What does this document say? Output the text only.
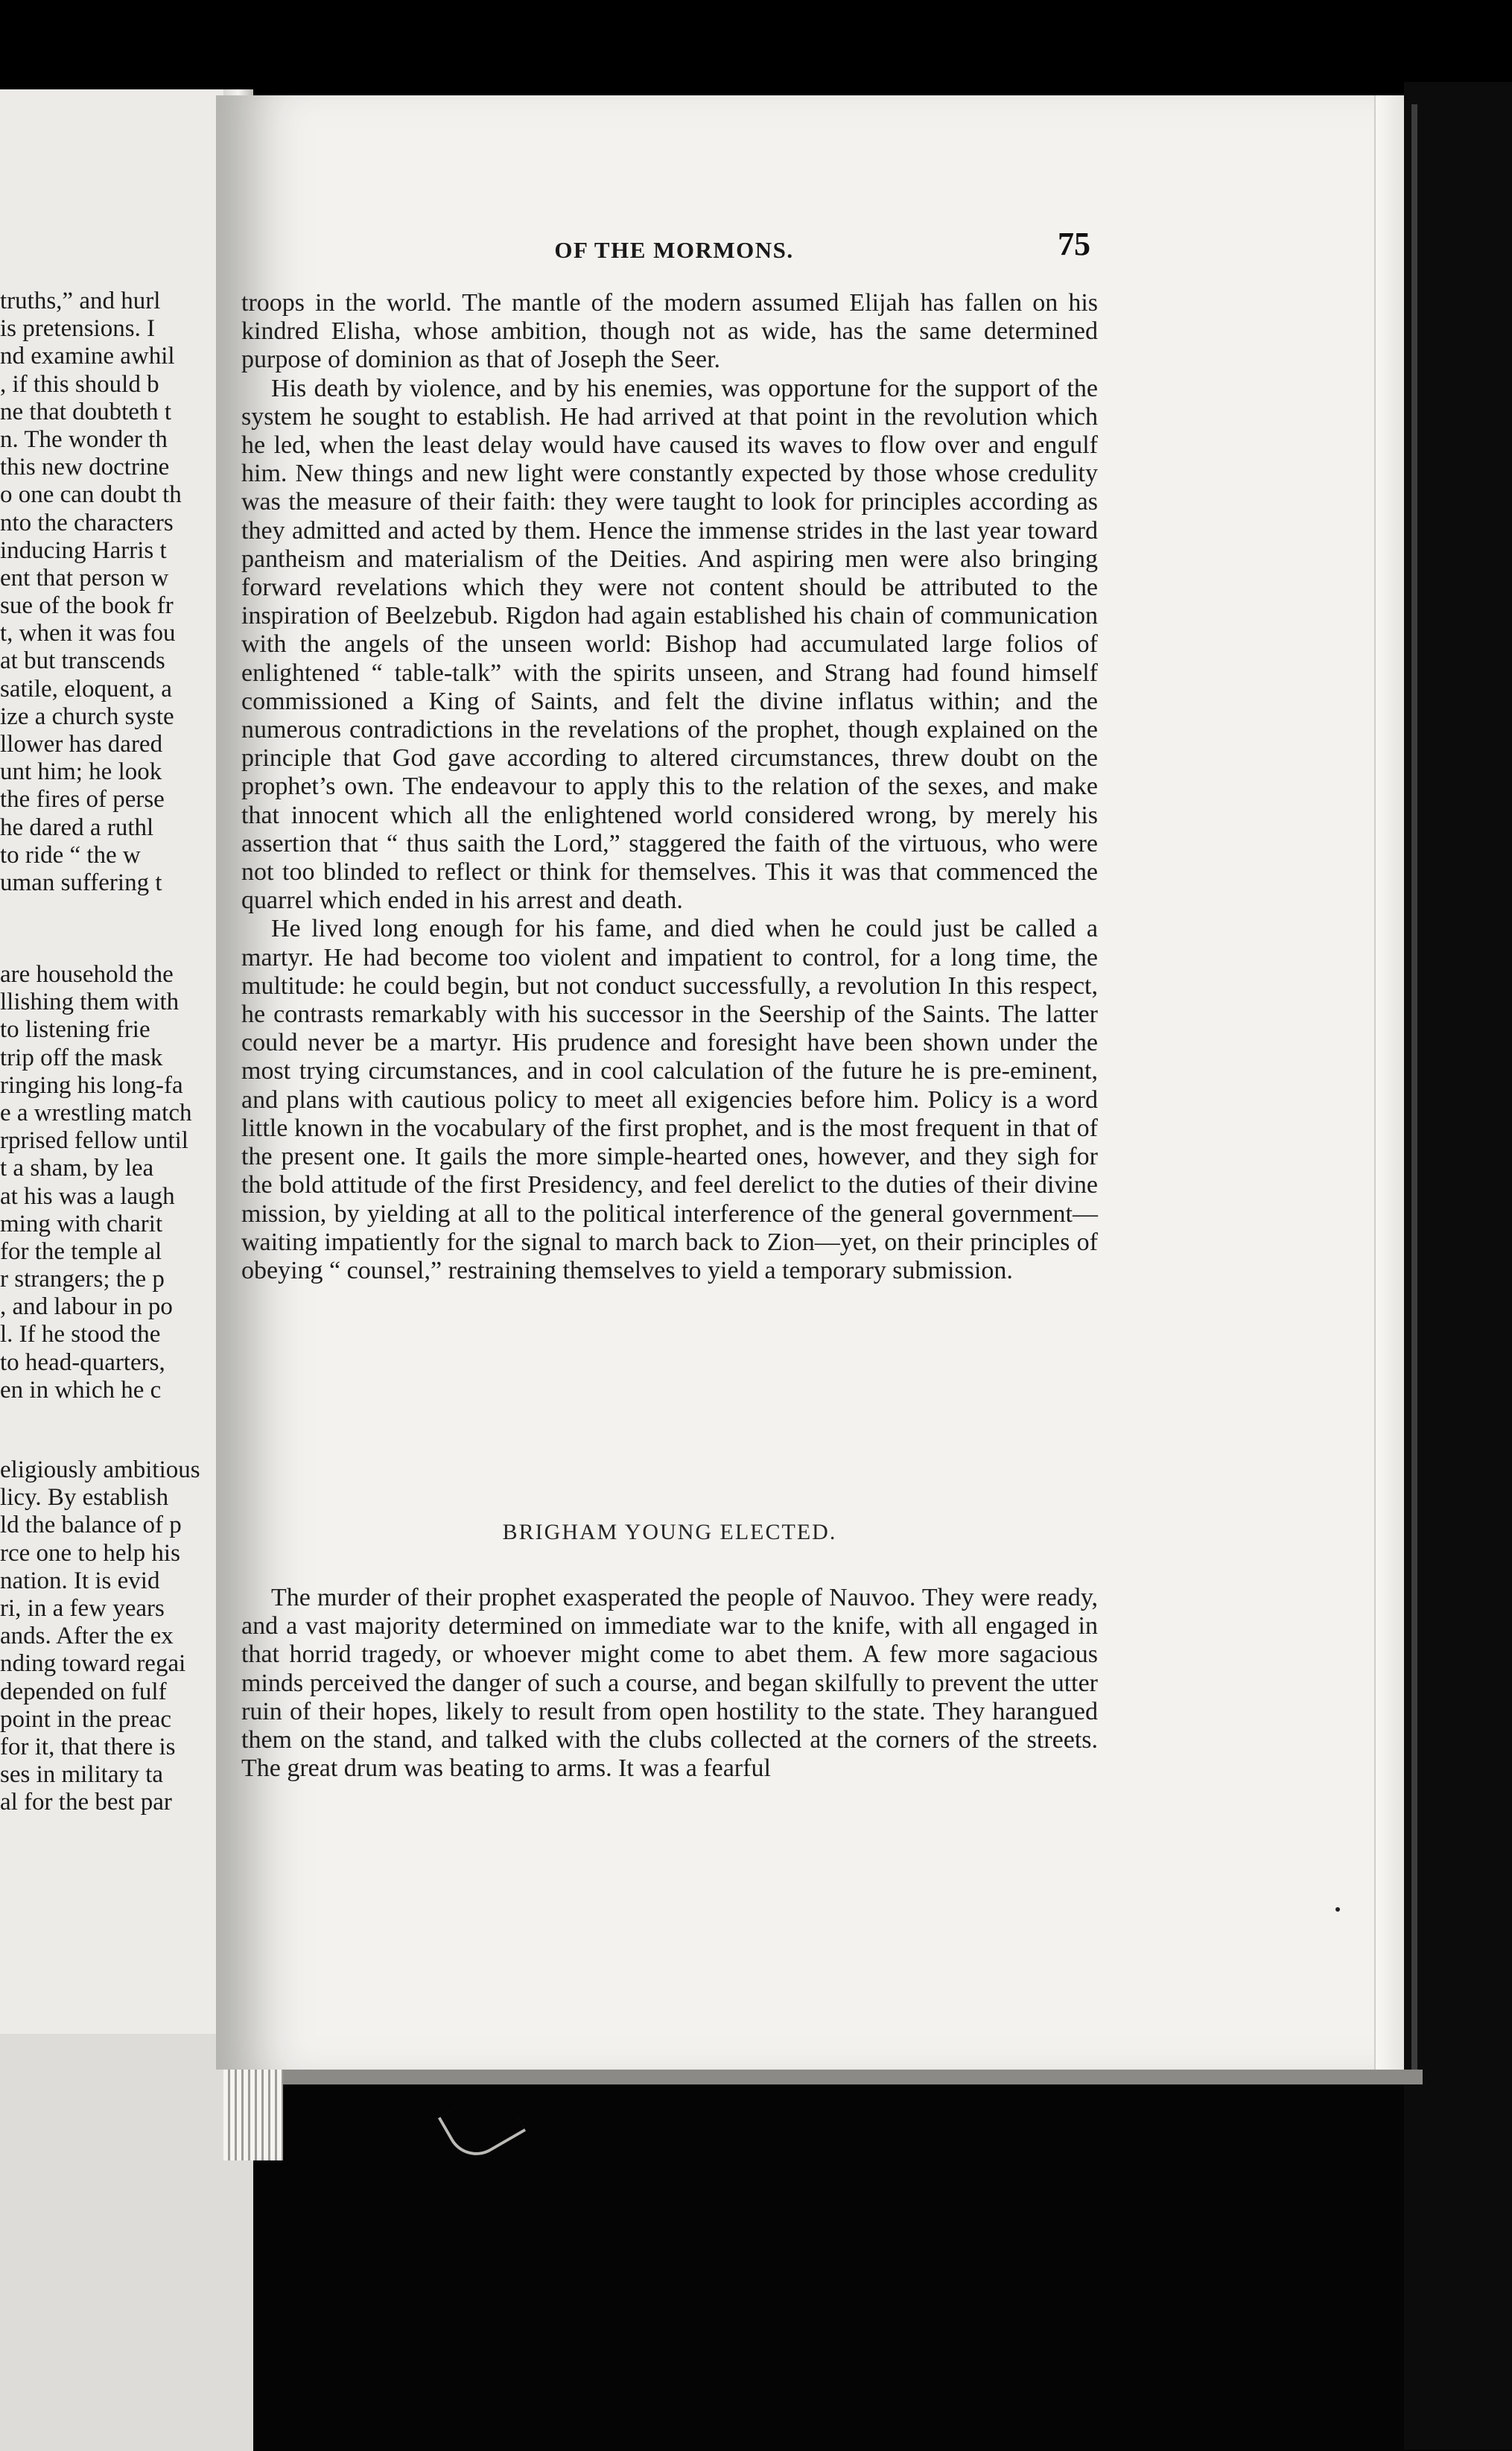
OF THE MORMONS.	75

troops in the world. The mantle of the modern assumed Elijah has fallen on his kindred Elisha, whose ambition, though not as wide, has the same determined purpose of dominion as that of Joseph the Seer.

His death by violence, and by his enemies, was opportune for the support of the system he sought to establish. He had arrived at that point in the revolution which he led, when the least delay would have caused its waves to flow over and engulf him. New things and new light were constantly expected by those whose credulity was the measure of their faith: they were taught to look for principles according as they admitted and acted by them. Hence the immense strides in the last year toward pantheism and materialism of the Deities. And aspiring men were also bringing forward revelations which they were not content should be attributed to the inspiration of Beelzebub. Rigdon had again established his chain of communication with the angels of the unseen world: Bishop had accumulated large folios of enlightened “ table-talk” with the spirits unseen, and Strang had found himself commissioned a King of Saints, and felt the divine inflatus within; and the numerous contradictions in the revelations of the prophet, though explained on the principle that God gave according to altered circumstances, threw doubt on the prophet’s own. The endeavour to apply this to the relation of the sexes, and make that innocent which all the enlightened world considered wrong, by merely his assertion that “ thus saith the Lord,” staggered the faith of the virtuous, who were not too blinded to reflect or think for themselves. This it was that commenced the quarrel which ended in his arrest and death.

He lived long enough for his fame, and died when he could just be called a martyr. He had become too violent and impatient to control, for a long time, the multitude: he could begin, but not conduct successfully, a revolution In this respect, he contrasts remarkably with his successor in the Seership of the Saints. The latter could never be a martyr. His prudence and foresight have been shown under the most trying circumstances, and in cool calculation of the future he is pre-eminent, and plans with cautious policy to meet all exigencies before him. Policy is a word little known in the vocabulary of the first prophet, and is the most frequent in that of the present one. It gails the more simple-hearted ones, however, and they sigh for the bold attitude of the first Presidency, and feel derelict to the duties of their divine mission, by yielding at all to the political interference of the general government—waiting impatiently for the signal to march back to Zion—yet, on their principles of obeying “ counsel,” restraining themselves to yield a temporary submission.

BRIGHAM YOUNG ELECTED.

The murder of their prophet exasperated the people of Nauvoo. They were ready, and a vast majority determined on immediate war to the knife, with all engaged in that horrid tragedy, or whoever might come to abet them. A few more sagacious minds perceived the danger of such a course, and began skilfully to prevent the utter ruin of their hopes, likely to result from open hostility to the state. They harangued them on the stand, and talked with the clubs collected at the corners of the streets. The great drum was beating to arms. It was a fearful

truths,” and hurl
is pretensions. I
nd examine awhil
, if this should b
ne that doubteth t
n. The wonder th
this new doctrine
o one can doubt th
nto the characters
inducing Harris t
ent that person w
sue of the book fr
t, when it was fou
at but transcends
satile, eloquent, a
ize a church syste
llower has dared
unt him; he look
the fires of perse
he dared a ruthl
to ride “ the w
uman suffering t
are household the
llishing them with
to listening frie
trip off the mask
ringing his long-fa
e a wrestling match
rprised fellow until
t a sham, by lea
at his was a laugh
ming with charit
for the temple al
r strangers; the p
, and labour in po
l. If he stood the
to head-quarters,
en in which he c
eligiously ambitious
licy. By establish
ld the balance of p
rce one to help his
nation. It is evid
ri, in a few years
ands. After the ex
nding toward regai
depended on fulf
point in the preac
for it, that there is
ses in military ta
al for the best par
